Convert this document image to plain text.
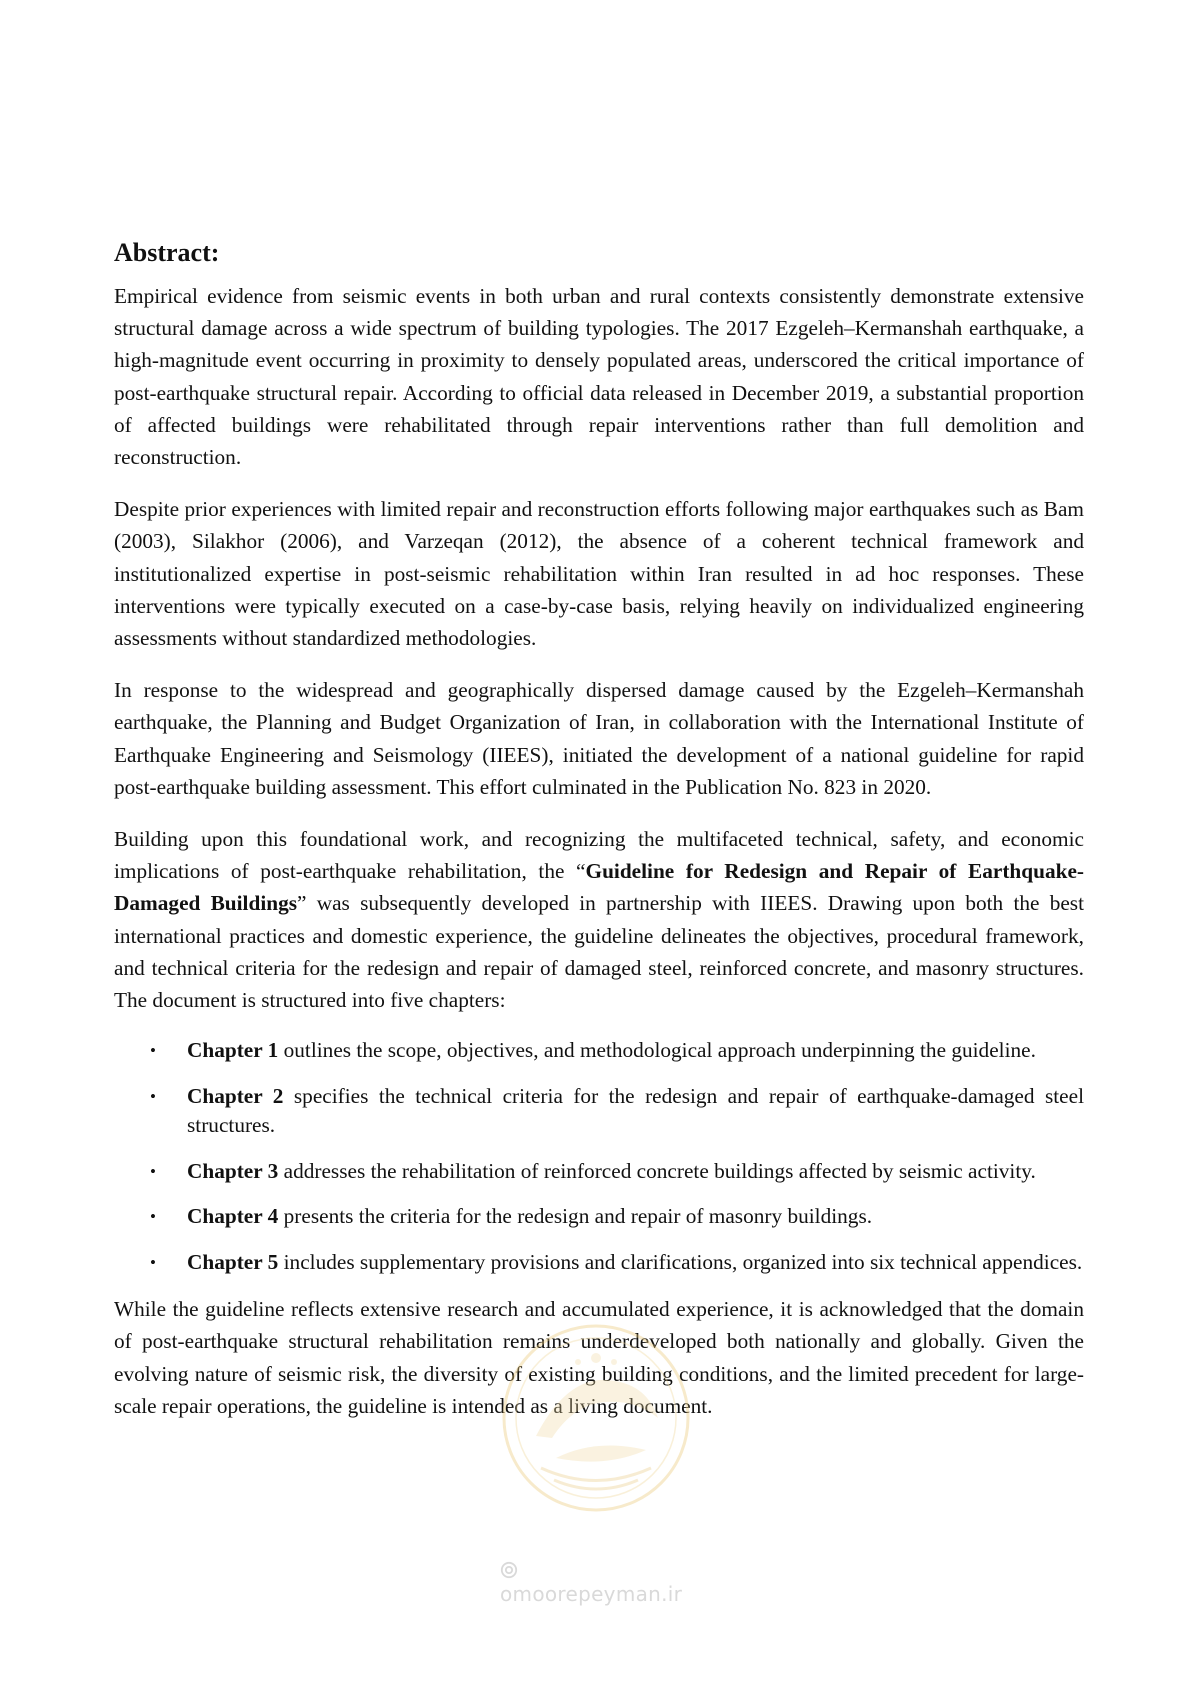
Abstract:

Empirical evidence from seismic events in both urban and rural contexts consistently demonstrate extensive structural damage across a wide spectrum of building typologies. The 2017 Ezgeleh–Kermanshah earthquake, a high-magnitude event occurring in proximity to densely populated areas, underscored the critical importance of post-earthquake structural repair. According to official data released in December 2019, a substantial proportion of affected buildings were rehabilitated through repair interventions rather than full demolition and reconstruction.

Despite prior experiences with limited repair and reconstruction efforts following major earthquakes such as Bam (2003), Silakhor (2006), and Varzeqan (2012), the absence of a coherent technical framework and institutionalized expertise in post-seismic rehabilitation within Iran resulted in ad hoc responses. These interventions were typically executed on a case-by-case basis, relying heavily on individualized engineering assessments without standardized methodologies.

In response to the widespread and geographically dispersed damage caused by the Ezgeleh–Kermanshah earthquake, the Planning and Budget Organization of Iran, in collaboration with the International Institute of Earthquake Engineering and Seismology (IIEES), initiated the development of a national guideline for rapid post-earthquake building assessment. This effort culminated in the Publication No. 823 in 2020.

Building upon this foundational work, and recognizing the multifaceted technical, safety, and economic implications of post-earthquake rehabilitation, the “Guideline for Redesign and Repair of Earthquake-Damaged Buildings” was subsequently developed in partnership with IIEES. Drawing upon both the best international practices and domestic experience, the guideline delineates the objectives, procedural framework, and technical criteria for the redesign and repair of damaged steel, reinforced concrete, and masonry structures. The document is structured into five chapters:

• Chapter 1 outlines the scope, objectives, and methodological approach underpinning the guideline.
• Chapter 2 specifies the technical criteria for the redesign and repair of earthquake-damaged steel structures.
• Chapter 3 addresses the rehabilitation of reinforced concrete buildings affected by seismic activity.
• Chapter 4 presents the criteria for the redesign and repair of masonry buildings.
• Chapter 5 includes supplementary provisions and clarifications, organized into six technical appendices.

While the guideline reflects extensive research and accumulated experience, it is acknowledged that the domain of post-earthquake structural rehabilitation remains underdeveloped both nationally and globally. Given the evolving nature of seismic risk, the diversity of existing building conditions, and the limited precedent for large-scale repair operations, the guideline is intended as a living document.

omoorepeyman.ir
